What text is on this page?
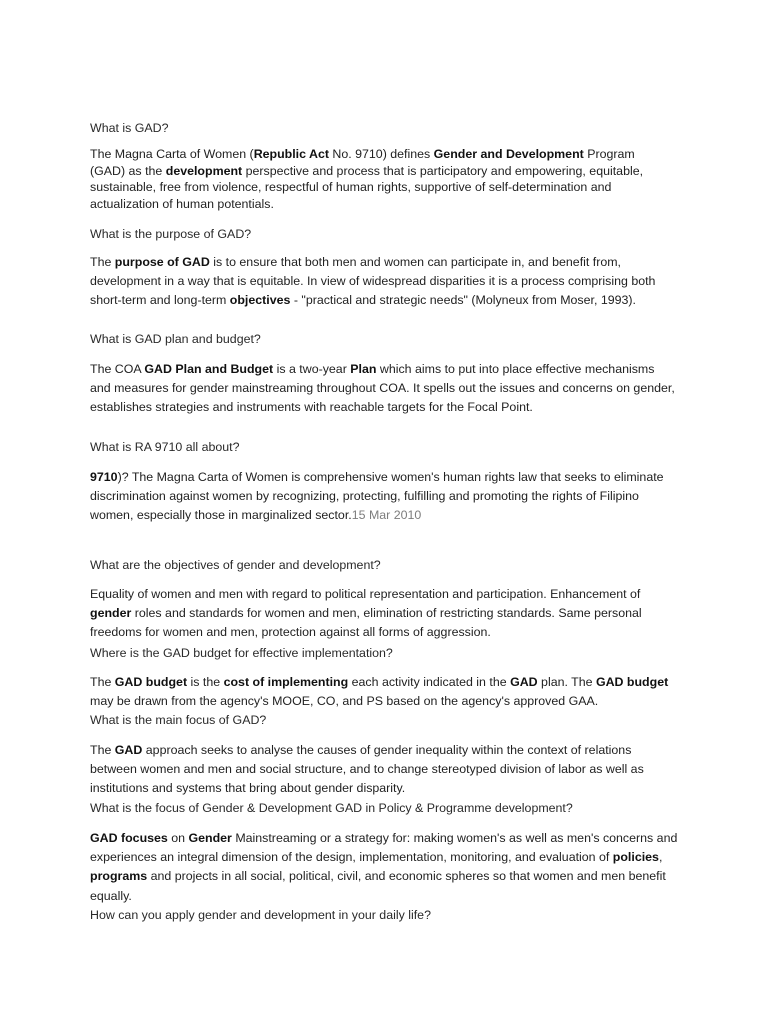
What is GAD?

The Magna Carta of Women (Republic Act No. 9710) defines Gender and Development Program (GAD) as the development perspective and process that is participatory and empowering, equitable, sustainable, free from violence, respectful of human rights, supportive of self-determination and actualization of human potentials.

What is the purpose of GAD?

The purpose of GAD is to ensure that both men and women can participate in, and benefit from, development in a way that is equitable. In view of widespread disparities it is a process comprising both short-term and long-term objectives - "practical and strategic needs" (Molyneux from Moser, 1993).

What is GAD plan and budget?

The COA GAD Plan and Budget is a two-year Plan which aims to put into place effective mechanisms and measures for gender mainstreaming throughout COA. It spells out the issues and concerns on gender, establishes strategies and instruments with reachable targets for the Focal Point.

What is RA 9710 all about?

9710)? The Magna Carta of Women is comprehensive women's human rights law that seeks to eliminate discrimination against women by recognizing, protecting, fulfilling and promoting the rights of Filipino women, especially those in marginalized sector.15 Mar 2010

What are the objectives of gender and development?

Equality of women and men with regard to political representation and participation. Enhancement of gender roles and standards for women and men, elimination of restricting standards. Same personal freedoms for women and men, protection against all forms of aggression.

Where is the GAD budget for effective implementation?

The GAD budget is the cost of implementing each activity indicated in the GAD plan. The GAD budget may be drawn from the agency's MOOE, CO, and PS based on the agency's approved GAA.

What is the main focus of GAD?

The GAD approach seeks to analyse the causes of gender inequality within the context of relations between women and men and social structure, and to change stereotyped division of labor as well as institutions and systems that bring about gender disparity.

What is the focus of Gender & Development GAD in Policy & Programme development?

GAD focuses on Gender Mainstreaming or a strategy for: making women's as well as men's concerns and experiences an integral dimension of the design, implementation, monitoring, and evaluation of policies, programs and projects in all social, political, civil, and economic spheres so that women and men benefit equally.

How can you apply gender and development in your daily life?
